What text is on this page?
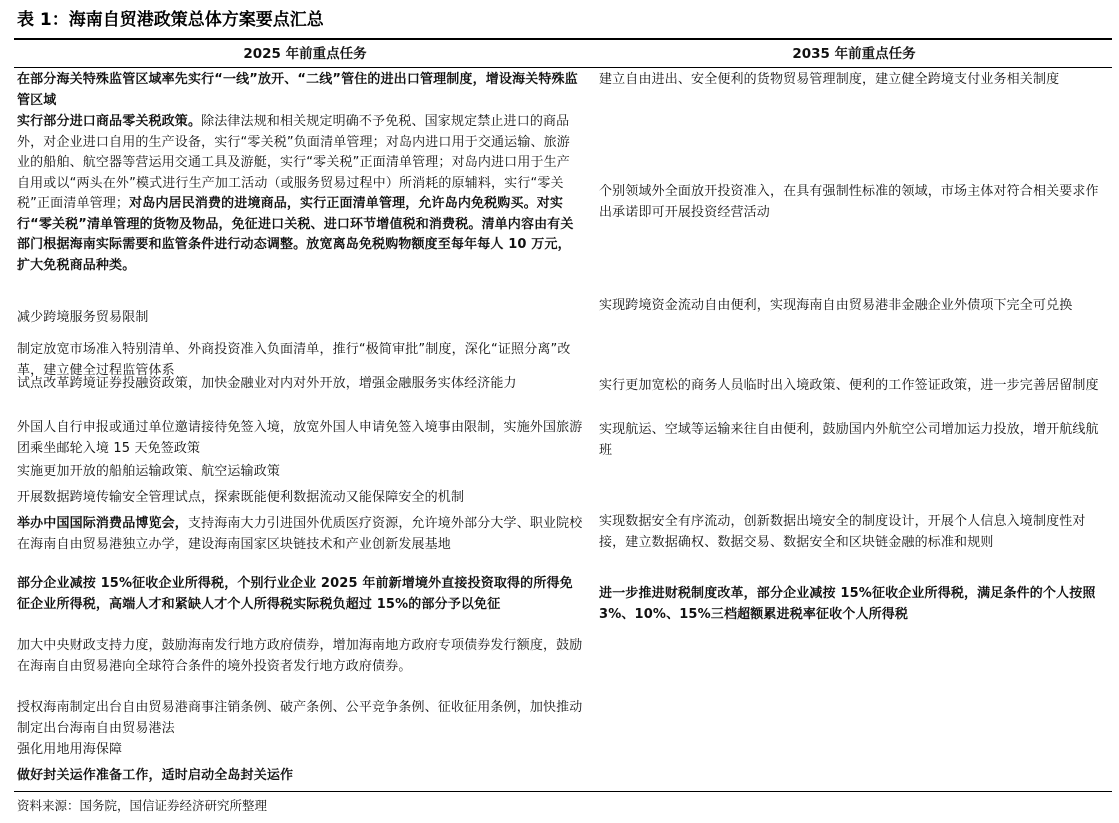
表 1：海南自贸港政策总体方案要点汇总
2025 年前重点任务	2035 年前重点任务
在部分海关特殊监管区域率先实行“一线”放开、“二线”管住的进出口管理制度，增设海关特殊监管区域
实行部分进口商品零关税政策。除法律法规和相关规定明确不予免税、国家规定禁止进口的商品外，对企业进口自用的生产设备，实行“零关税”负面清单管理；对岛内进口用于交通运输、旅游业的船舶、航空器等营运用交通工具及游艇，实行“零关税”正面清单管理；对岛内进口用于生产自用或以“两头在外”模式进行生产加工活动（或服务贸易过程中）所消耗的原辅料，实行“零关税”正面清单管理；对岛内居民消费的进境商品，实行正面清单管理，允许岛内免税购买。对实行“零关税”清单管理的货物及物品，免征进口关税、进口环节增值税和消费税。清单内容由有关部门根据海南实际需要和监管条件进行动态调整。放宽离岛免税购物额度至每年每人 10 万元，扩大免税商品种类。
减少跨境服务贸易限制
制定放宽市场准入特别清单、外商投资准入负面清单，推行“极简审批”制度，深化“证照分离”改革，建立健全过程监管体系
试点改革跨境证券投融资政策，加快金融业对内对外开放，增强金融服务实体经济能力
外国人自行申报或通过单位邀请接待免签入境，放宽外国人申请免签入境事由限制，实施外国旅游团乘坐邮轮入境 15 天免签政策
实施更加开放的船舶运输政策、航空运输政策
开展数据跨境传输安全管理试点，探索既能便利数据流动又能保障安全的机制
举办中国国际消费品博览会，支持海南大力引进国外优质医疗资源，允许境外部分大学、职业院校在海南自由贸易港独立办学，建设海南国家区块链技术和产业创新发展基地
部分企业减按 15%征收企业所得税，个别行业企业 2025 年前新增境外直接投资取得的所得免征企业所得税，高端人才和紧缺人才个人所得税实际税负超过 15%的部分予以免征
加大中央财政支持力度，鼓励海南发行地方政府债券，增加海南地方政府专项债券发行额度，鼓励在海南自由贸易港向全球符合条件的境外投资者发行地方政府债券。
授权海南制定出台自由贸易港商事注销条例、破产条例、公平竞争条例、征收征用条例，加快推动制定出台海南自由贸易港法
强化用地用海保障
做好封关运作准备工作，适时启动全岛封关运作
建立自由进出、安全便利的货物贸易管理制度，建立健全跨境支付业务相关制度
个别领域外全面放开投资准入，在具有强制性标准的领域，市场主体对符合相关要求作出承诺即可开展投资经营活动
实现跨境资金流动自由便利，实现海南自由贸易港非金融企业外债项下完全可兑换
实行更加宽松的商务人员临时出入境政策、便利的工作签证政策，进一步完善居留制度
实现航运、空域等运输来往自由便利，鼓励国内外航空公司增加运力投放，增开航线航班
实现数据安全有序流动，创新数据出境安全的制度设计，开展个人信息入境制度性对接，建立数据确权、数据交易、数据安全和区块链金融的标准和规则
进一步推进财税制度改革，部分企业减按 15%征收企业所得税，满足条件的个人按照 3%、10%、15%三档超额累进税率征收个人所得税
资料来源：国务院，国信证券经济研究所整理
